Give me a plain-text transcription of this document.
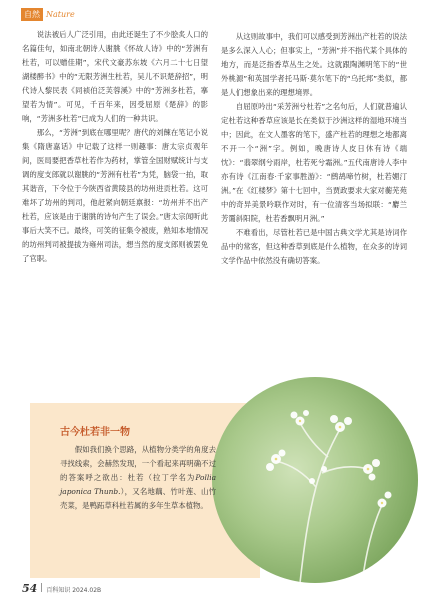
自然 Nature

说法被后人广泛引用，由此还诞生了不少脍炙人口的名篇佳句，如南北朝诗人谢朓《怀故人诗》中的“芳洲有杜若，可以赠佳期”，宋代文豪苏东坡《六月二十七日望湖楼醉书》中的“无限芳洲生杜若，吴儿不识楚辞招”，明代诗人黎民表《同祯伯泛芙蓉溪》中的“芳洲多杜若，搴望若为情”。可见，千百年来，因受屈原《楚辞》的影响，“芳洲多杜若”已成为人们的一种共识。

那么，“芳洲”到底在哪里呢？唐代的刘餗在笔记小说集《隋唐嘉话》中记载了这样一则趣事：唐太宗贞观年间，医局要把香草杜若作为药材，掌管全国财赋统计与支调的度支郎就以谢朓的“芳洲有杜若”为凭，脑袋一拍，取其谐音，下令位于今陕西省黄陵县的坊州进贡杜若。这可难坏了坊州的判司，他赶紧向朝廷禀报：“坊州并不出产杜若，应该是由于谢朓的诗句产生了误会。”唐太宗闻听此事后大笑不已。最终，可笑的征集令被废，熟知本地情况的坊州判司被提拔为雍州司法，想当然的度支郎则被罢免了官职。

从这则故事中，我们可以感受到芳洲出产杜若的说法是多么深入人心；但事实上，“芳洲”并不指代某个具体的地方，而是泛指香草丛生之处。这就跟陶渊明笔下的“世外桃源”和英国学者托马斯·莫尔笔下的“乌托邦”类似，都是人们想象出来的理想境界。

自屈原吟出“采芳洲兮杜若”之名句后，人们就普遍认定杜若这种香草应该是长在类似于沙洲这样的湿地环境当中；因此，在文人墨客的笔下，盛产杜若的理想之地都离不开一个“洲”字。例如，晚唐诗人皮日休有诗《端忱》：“翡翠纲兮雨岸，杜若死兮霜洲。”五代南唐诗人李中亦有诗《江南春·千家事胜游》：“鹧鸪啼竹树，杜若媚汀洲。”在《红楼梦》第十七回中，当贾政要求大家对蘅芜苑中的奇异美景吟联作对时，有一位清客当场拟联：“麝兰芳霭斜阳院，杜若香飘明月洲。”

不难看出，尽管杜若已是中国古典文学尤其是诗词作品中的常客，但这种香草到底是什么植物，在众多的诗词文学作品中依然没有确切答案。

古今杜若非一物

假如我们换个思路，从植物分类学的角度去寻找线索，会赫然发现，一个看起来再明确不过的答案呼之欲出：杜若（拉丁学名为Pollia japonica Thunb.），又名地藕、竹叶莲、山竹壳菜，是鸭跖草科杜若属的多年生草本植物。

54 百科知识 2024.02B
